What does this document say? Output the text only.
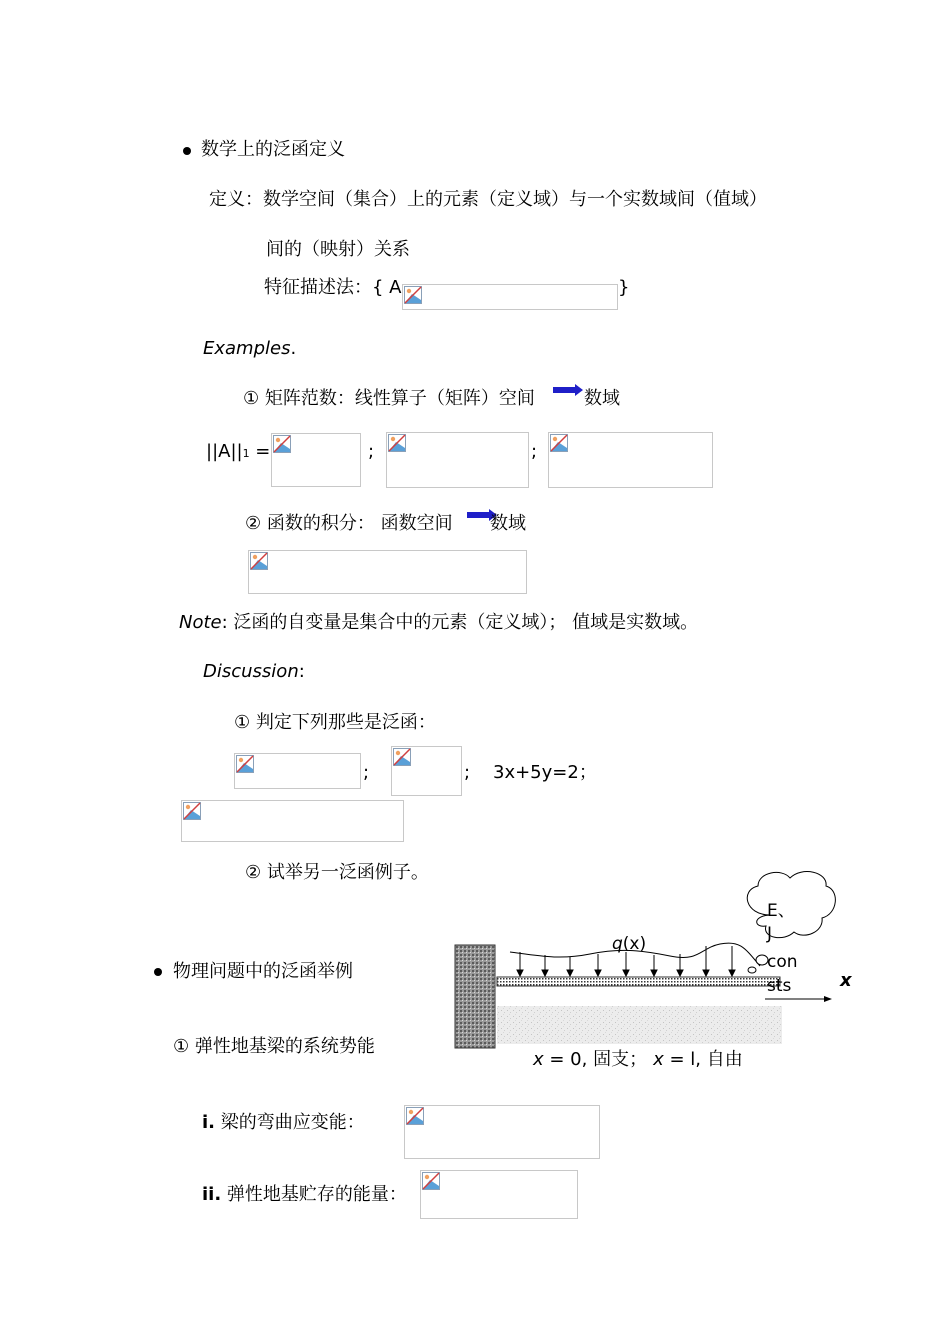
数学上的泛函定义
定义：数学空间（集合）上的元素（定义域）与一个实数域间（值域）
间的（映射）关系
特征描述法：{ A	}
Examples.
① 矩阵范数：线性算子（矩阵）空间	数域
||A||1 =	;	;
② 函数的积分： 函数空间 数域
Note: 泛函的自变量是集合中的元素（定义域）； 值域是实数域。
Discussion:
① 判定下列那些是泛函：
;	; 3x+5y=2；
② 试举另一泛函例子。
物理问题中的泛函举例
① 弹性地基梁的系统势能
q(x)
E、
J
con
sts	x
x = 0, 固支； x = l, 自由
i. 梁的弯曲应变能：
ii. 弹性地基贮存的能量：
